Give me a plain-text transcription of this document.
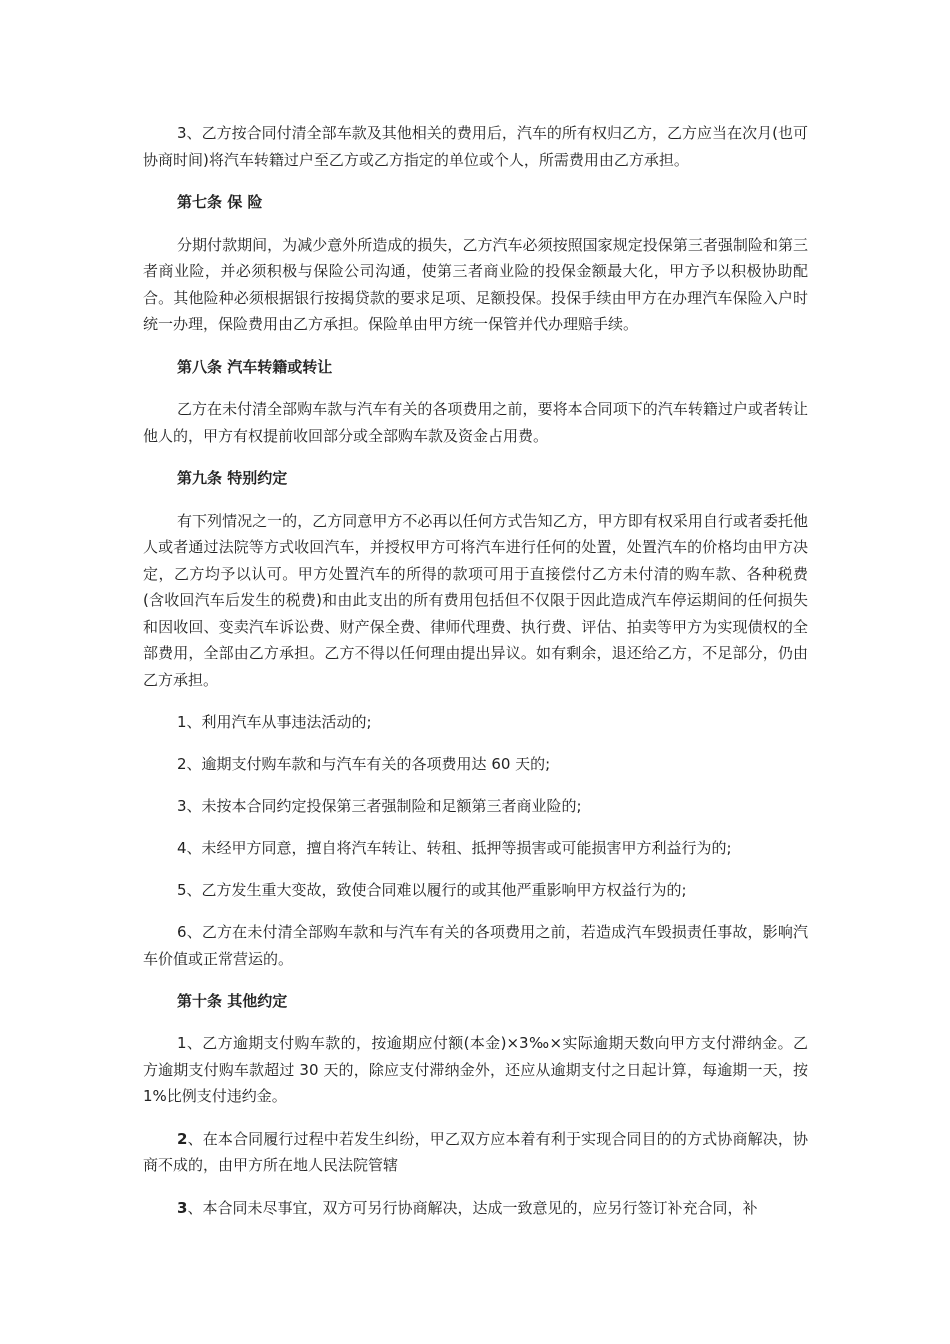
3、乙方按合同付清全部车款及其他相关的费用后，汽车的所有权归乙方，乙方应当在次月(也可协商时间)将汽车转籍过户至乙方或乙方指定的单位或个人，所需费用由乙方承担。

第七条 保 险

分期付款期间，为减少意外所造成的损失，乙方汽车必须按照国家规定投保第三者强制险和第三者商业险，并必须积极与保险公司沟通，使第三者商业险的投保金额最大化，甲方予以积极协助配合。其他险种必须根据银行按揭贷款的要求足项、足额投保。投保手续由甲方在办理汽车保险入户时统一办理，保险费用由乙方承担。保险单由甲方统一保管并代办理赔手续。

第八条 汽车转籍或转让

乙方在未付清全部购车款与汽车有关的各项费用之前，要将本合同项下的汽车转籍过户或者转让他人的，甲方有权提前收回部分或全部购车款及资金占用费。

第九条 特别约定

有下列情况之一的，乙方同意甲方不必再以任何方式告知乙方，甲方即有权采用自行或者委托他人或者通过法院等方式收回汽车，并授权甲方可将汽车进行任何的处置，处置汽车的价格均由甲方决定，乙方均予以认可。甲方处置汽车的所得的款项可用于直接偿付乙方未付清的购车款、各种税费(含收回汽车后发生的税费)和由此支出的所有费用包括但不仅限于因此造成汽车停运期间的任何损失和因收回、变卖汽车诉讼费、财产保全费、律师代理费、执行费、评估、拍卖等甲方为实现债权的全部费用，全部由乙方承担。乙方不得以任何理由提出异议。如有剩余，退还给乙方，不足部分，仍由乙方承担。

1、利用汽车从事违法活动的;

2、逾期支付购车款和与汽车有关的各项费用达 60 天的;

3、未按本合同约定投保第三者强制险和足额第三者商业险的;

4、未经甲方同意，擅自将汽车转让、转租、抵押等损害或可能损害甲方利益行为的;

5、乙方发生重大变故，致使合同难以履行的或其他严重影响甲方权益行为的;

6、乙方在未付清全部购车款和与汽车有关的各项费用之前，若造成汽车毁损责任事故，影响汽车价值或正常营运的。

第十条 其他约定

1、乙方逾期支付购车款的，按逾期应付额(本金)×3‰×实际逾期天数向甲方支付滞纳金。乙方逾期支付购车款超过 30 天的，除应支付滞纳金外，还应从逾期支付之日起计算，每逾期一天，按 1%比例支付违约金。

2、在本合同履行过程中若发生纠纷，甲乙双方应本着有利于实现合同目的的方式协商解决，协商不成的，由甲方所在地人民法院管辖

3、本合同未尽事宜，双方可另行协商解决，达成一致意见的，应另行签订补充合同，补
